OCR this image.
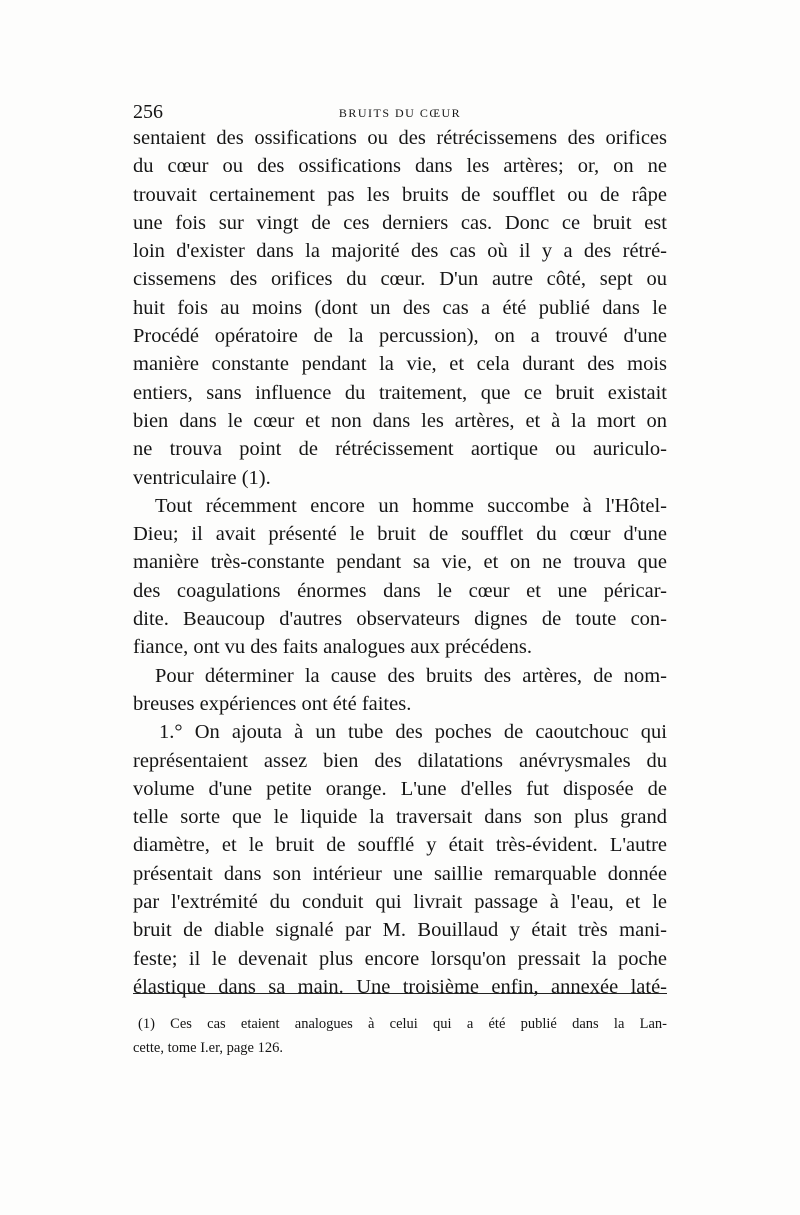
256	BRUITS DU CŒUR
sentaient des ossifications ou des rétrécissemens des orifices
du cœur ou des ossifications dans les artères; or, on ne
trouvait certainement pas les bruits de soufflet ou de râpe
une fois sur vingt de ces derniers cas. Donc ce bruit est
loin d'exister dans la majorité des cas où il y a des rétré-
cissemens des orifices du cœur. D'un autre côté, sept ou
huit fois au moins (dont un des cas a été publié dans le
Procédé opératoire de la percussion), on a trouvé d'une
manière constante pendant la vie, et cela durant des mois
entiers, sans influence du traitement, que ce bruit existait
bien dans le cœur et non dans les artères, et à la mort on
ne trouva point de rétrécissement aortique ou auriculo-
ventriculaire (1).
Tout récemment encore un homme succombe à l'Hôtel-
Dieu; il avait présenté le bruit de soufflet du cœur d'une
manière très-constante pendant sa vie, et on ne trouva que
des coagulations énormes dans le cœur et une péricar-
dite. Beaucoup d'autres observateurs dignes de toute con-
fiance, ont vu des faits analogues aux précédens.
Pour déterminer la cause des bruits des artères, de nom-
breuses expériences ont été faites.
1.° On ajouta à un tube des poches de caoutchouc qui
représentaient assez bien des dilatations anévrysmales du
volume d'une petite orange. L'une d'elles fut disposée de
telle sorte que le liquide la traversait dans son plus grand
diamètre, et le bruit de soufflé y était très-évident. L'autre
présentait dans son intérieur une saillie remarquable donnée
par l'extrémité du conduit qui livrait passage à l'eau, et le
bruit de diable signalé par M. Bouillaud y était très mani-
feste; il le devenait plus encore lorsqu'on pressait la poche
élastique dans sa main. Une troisième enfin, annexée laté-
(1) Ces cas etaient analogues à celui qui a été publié dans la Lan-
cette, tome I.er, page 126.
